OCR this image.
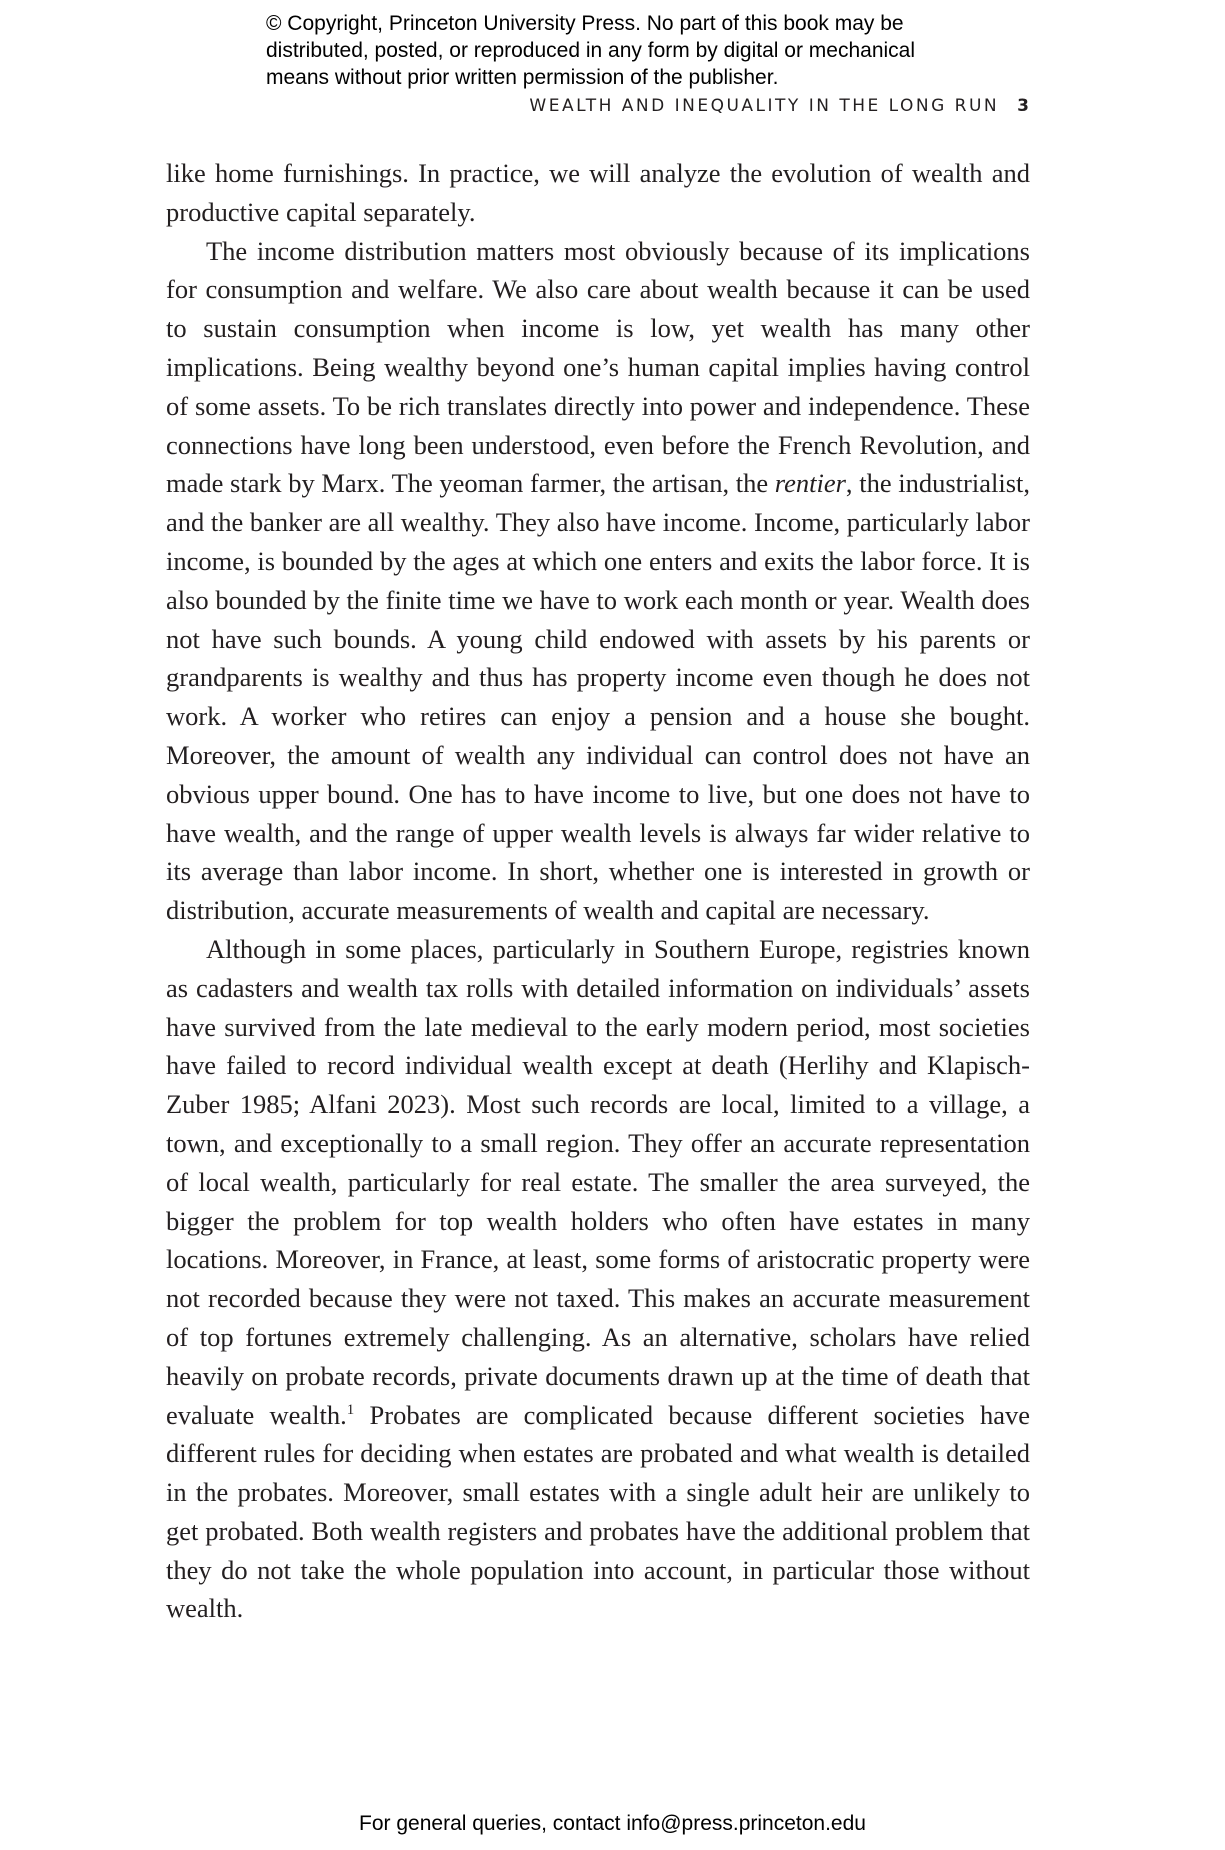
© Copyright, Princeton University Press. No part of this book may be
distributed, posted, or reproduced in any form by digital or mechanical
means without prior written permission of the publisher.
WEALTH AND INEQUALITY IN THE LONG RUN 3

like home furnishings. In practice, we will analyze the evolution of wealth and productive capital separately.

The income distribution matters most obviously because of its implications for consumption and welfare. We also care about wealth because it can be used to sustain consumption when income is low, yet wealth has many other implications. Being wealthy beyond one’s human capital implies having control of some assets. To be rich translates directly into power and independence. These connections have long been understood, even before the French Revolution, and made stark by Marx. The yeoman farmer, the artisan, the rentier, the industrialist, and the banker are all wealthy. They also have income. Income, particularly labor income, is bounded by the ages at which one enters and exits the labor force. It is also bounded by the finite time we have to work each month or year. Wealth does not have such bounds. A young child endowed with assets by his parents or grandparents is wealthy and thus has property income even though he does not work. A worker who retires can enjoy a pension and a house she bought. Moreover, the amount of wealth any individual can control does not have an obvious upper bound. One has to have income to live, but one does not have to have wealth, and the range of upper wealth levels is always far wider relative to its average than labor income. In short, whether one is interested in growth or distribution, accurate measurements of wealth and capital are necessary.

Although in some places, particularly in Southern Europe, registries known as cadasters and wealth tax rolls with detailed information on individuals’ assets have survived from the late medieval to the early modern period, most societies have failed to record individual wealth except at death (Herlihy and Klapisch-Zuber 1985; Alfani 2023). Most such records are local, limited to a village, a town, and exceptionally to a small region. They offer an accurate representation of local wealth, particularly for real estate. The smaller the area surveyed, the bigger the problem for top wealth holders who often have estates in many locations. Moreover, in France, at least, some forms of aristocratic property were not recorded because they were not taxed. This makes an accurate measurement of top fortunes extremely challenging. As an alternative, scholars have relied heavily on probate records, private documents drawn up at the time of death that evaluate wealth.$^1$ Probates are complicated because different societies have different rules for deciding when estates are probated and what wealth is detailed in the probates. Moreover, small estates with a single adult heir are unlikely to get probated. Both wealth registers and probates have the additional problem that they do not take the whole population into account, in particular those without wealth.

For general queries, contact info@press.princeton.edu
